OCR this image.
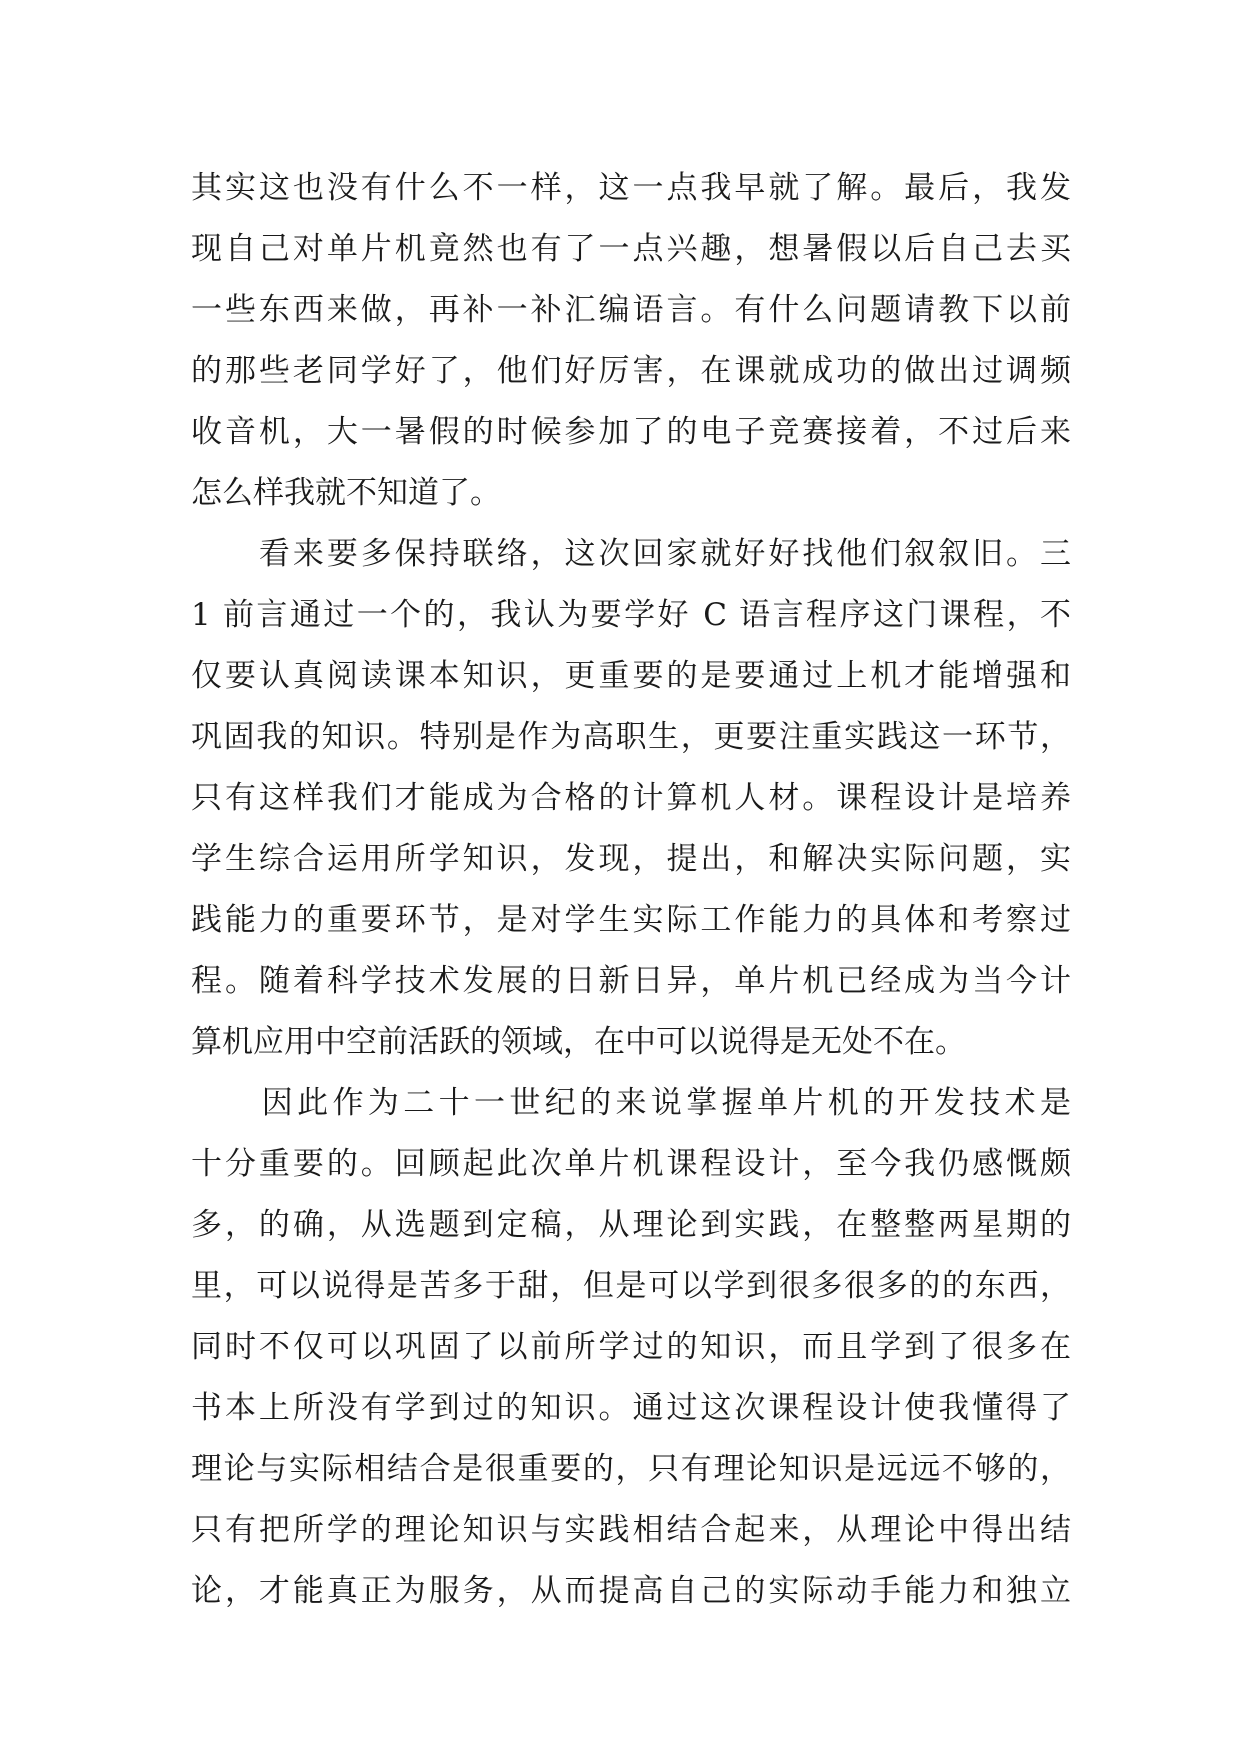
其实这也没有什么不一样，这一点我早就了解。最后，我发
现自己对单片机竟然也有了一点兴趣，想暑假以后自己去买
一些东西来做，再补一补汇编语言。有什么问题请教下以前
的那些老同学好了，他们好厉害，在课就成功的做出过调频
收音机，大一暑假的时候参加了的电子竞赛接着，不过后来
怎么样我就不知道了。
　　看来要多保持联络，这次回家就好好找他们叙叙旧。三
1 前言通过一个的，我认为要学好 C 语言程序这门课程，不
仅要认真阅读课本知识，更重要的是要通过上机才能增强和
巩固我的知识。特别是作为高职生，更要注重实践这一环节，
只有这样我们才能成为合格的计算机人材。课程设计是培养
学生综合运用所学知识，发现，提出，和解决实际问题，实
践能力的重要环节，是对学生实际工作能力的具体和考察过
程。随着科学技术发展的日新日异，单片机已经成为当今计
算机应用中空前活跃的领域，在中可以说得是无处不在。
　　因此作为二十一世纪的来说掌握单片机的开发技术是
十分重要的。回顾起此次单片机课程设计，至今我仍感慨颇
多，的确，从选题到定稿，从理论到实践，在整整两星期的
里，可以说得是苦多于甜，但是可以学到很多很多的的东西，
同时不仅可以巩固了以前所学过的知识，而且学到了很多在
书本上所没有学到过的知识。通过这次课程设计使我懂得了
理论与实际相结合是很重要的，只有理论知识是远远不够的，
只有把所学的理论知识与实践相结合起来，从理论中得出结
论，才能真正为服务，从而提高自己的实际动手能力和独立
